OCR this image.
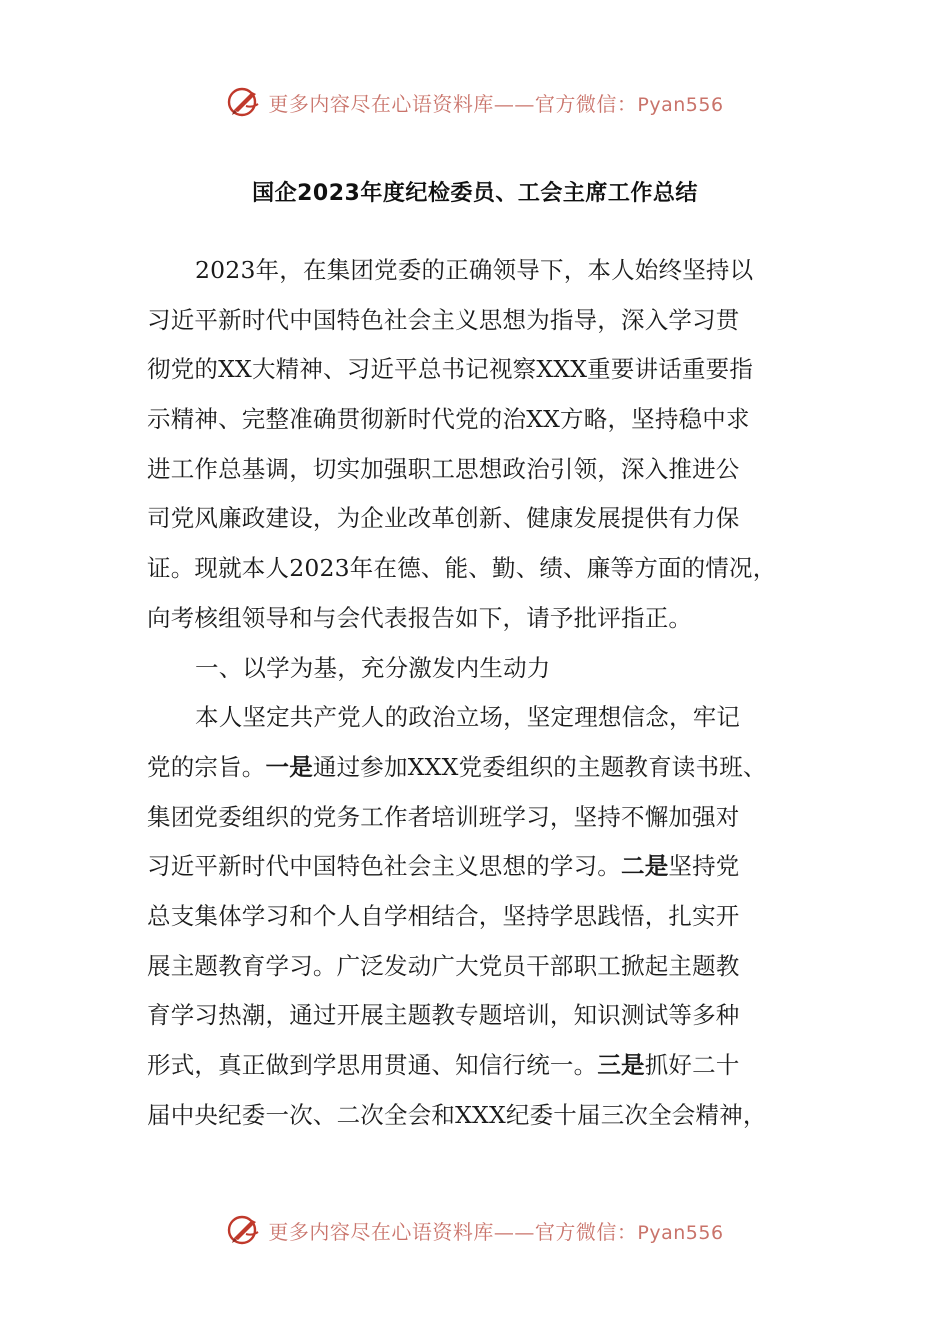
更多内容尽在心语资料库——官方微信：Pyan556
国企2023年度纪检委员、工会主席工作总结
2023年，在集团党委的正确领导下，本人始终坚持以
习近平新时代中国特色社会主义思想为指导，深入学习贯
彻党的XX大精神、习近平总书记视察XXX重要讲话重要指
示精神、完整准确贯彻新时代党的治XX方略，坚持稳中求
进工作总基调，切实加强职工思想政治引领，深入推进公
司党风廉政建设，为企业改革创新、健康发展提供有力保
证。现就本人2023年在德、能、勤、绩、廉等方面的情况，
向考核组领导和与会代表报告如下，请予批评指正。
一、以学为基，充分激发内生动力
本人坚定共产党人的政治立场，坚定理想信念，牢记
党的宗旨。一是通过参加XXX党委组织的主题教育读书班、
集团党委组织的党务工作者培训班学习，坚持不懈加强对
习近平新时代中国特色社会主义思想的学习。二是坚持党
总支集体学习和个人自学相结合，坚持学思践悟，扎实开
展主题教育学习。广泛发动广大党员干部职工掀起主题教
育学习热潮，通过开展主题教专题培训，知识测试等多种
形式，真正做到学思用贯通、知信行统一。三是抓好二十
届中央纪委一次、二次全会和XXX纪委十届三次全会精神，
更多内容尽在心语资料库——官方微信：Pyan556
